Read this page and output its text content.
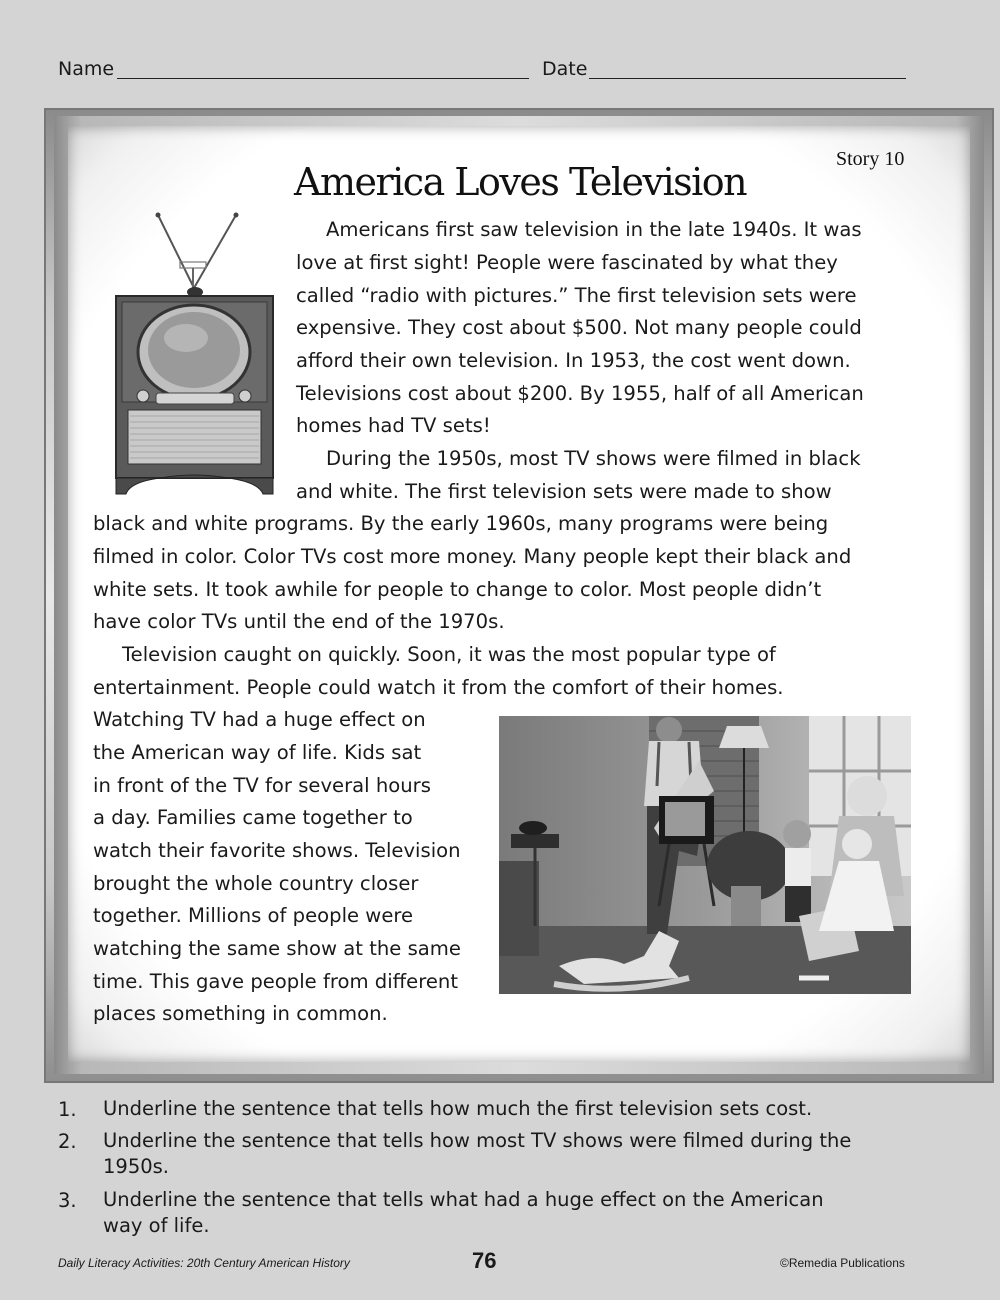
Name	Date
Story 10
America Loves Television
Americans first saw television in the late 1940s. It was
love at first sight! People were fascinated by what they
called “radio with pictures.” The first television sets were
expensive. They cost about $500. Not many people could
afford their own television. In 1953, the cost went down.
Televisions cost about $200. By 1955, half of all American
homes had TV sets!
During the 1950s, most TV shows were filmed in black
and white. The first television sets were made to show
black and white programs. By the early 1960s, many programs were being
filmed in color. Color TVs cost more money. Many people kept their black and
white sets. It took awhile for people to change to color. Most people didn’t
have color TVs until the end of the 1970s.
Television caught on quickly. Soon, it was the most popular type of
entertainment. People could watch it from the comfort of their homes.
Watching TV had a huge effect on
the American way of life. Kids sat
in front of the TV for several hours
a day. Families came together to
watch their favorite shows. Television
brought the whole country closer
together. Millions of people were
watching the same show at the same
time. This gave people from different
places something in common.
1. Underline the sentence that tells how much the first television sets cost.
2. Underline the sentence that tells how most TV shows were filmed during the
1950s.
3. Underline the sentence that tells what had a huge effect on the American
way of life.
Daily Literacy Activities: 20th Century American History	76	©Remedia Publications
